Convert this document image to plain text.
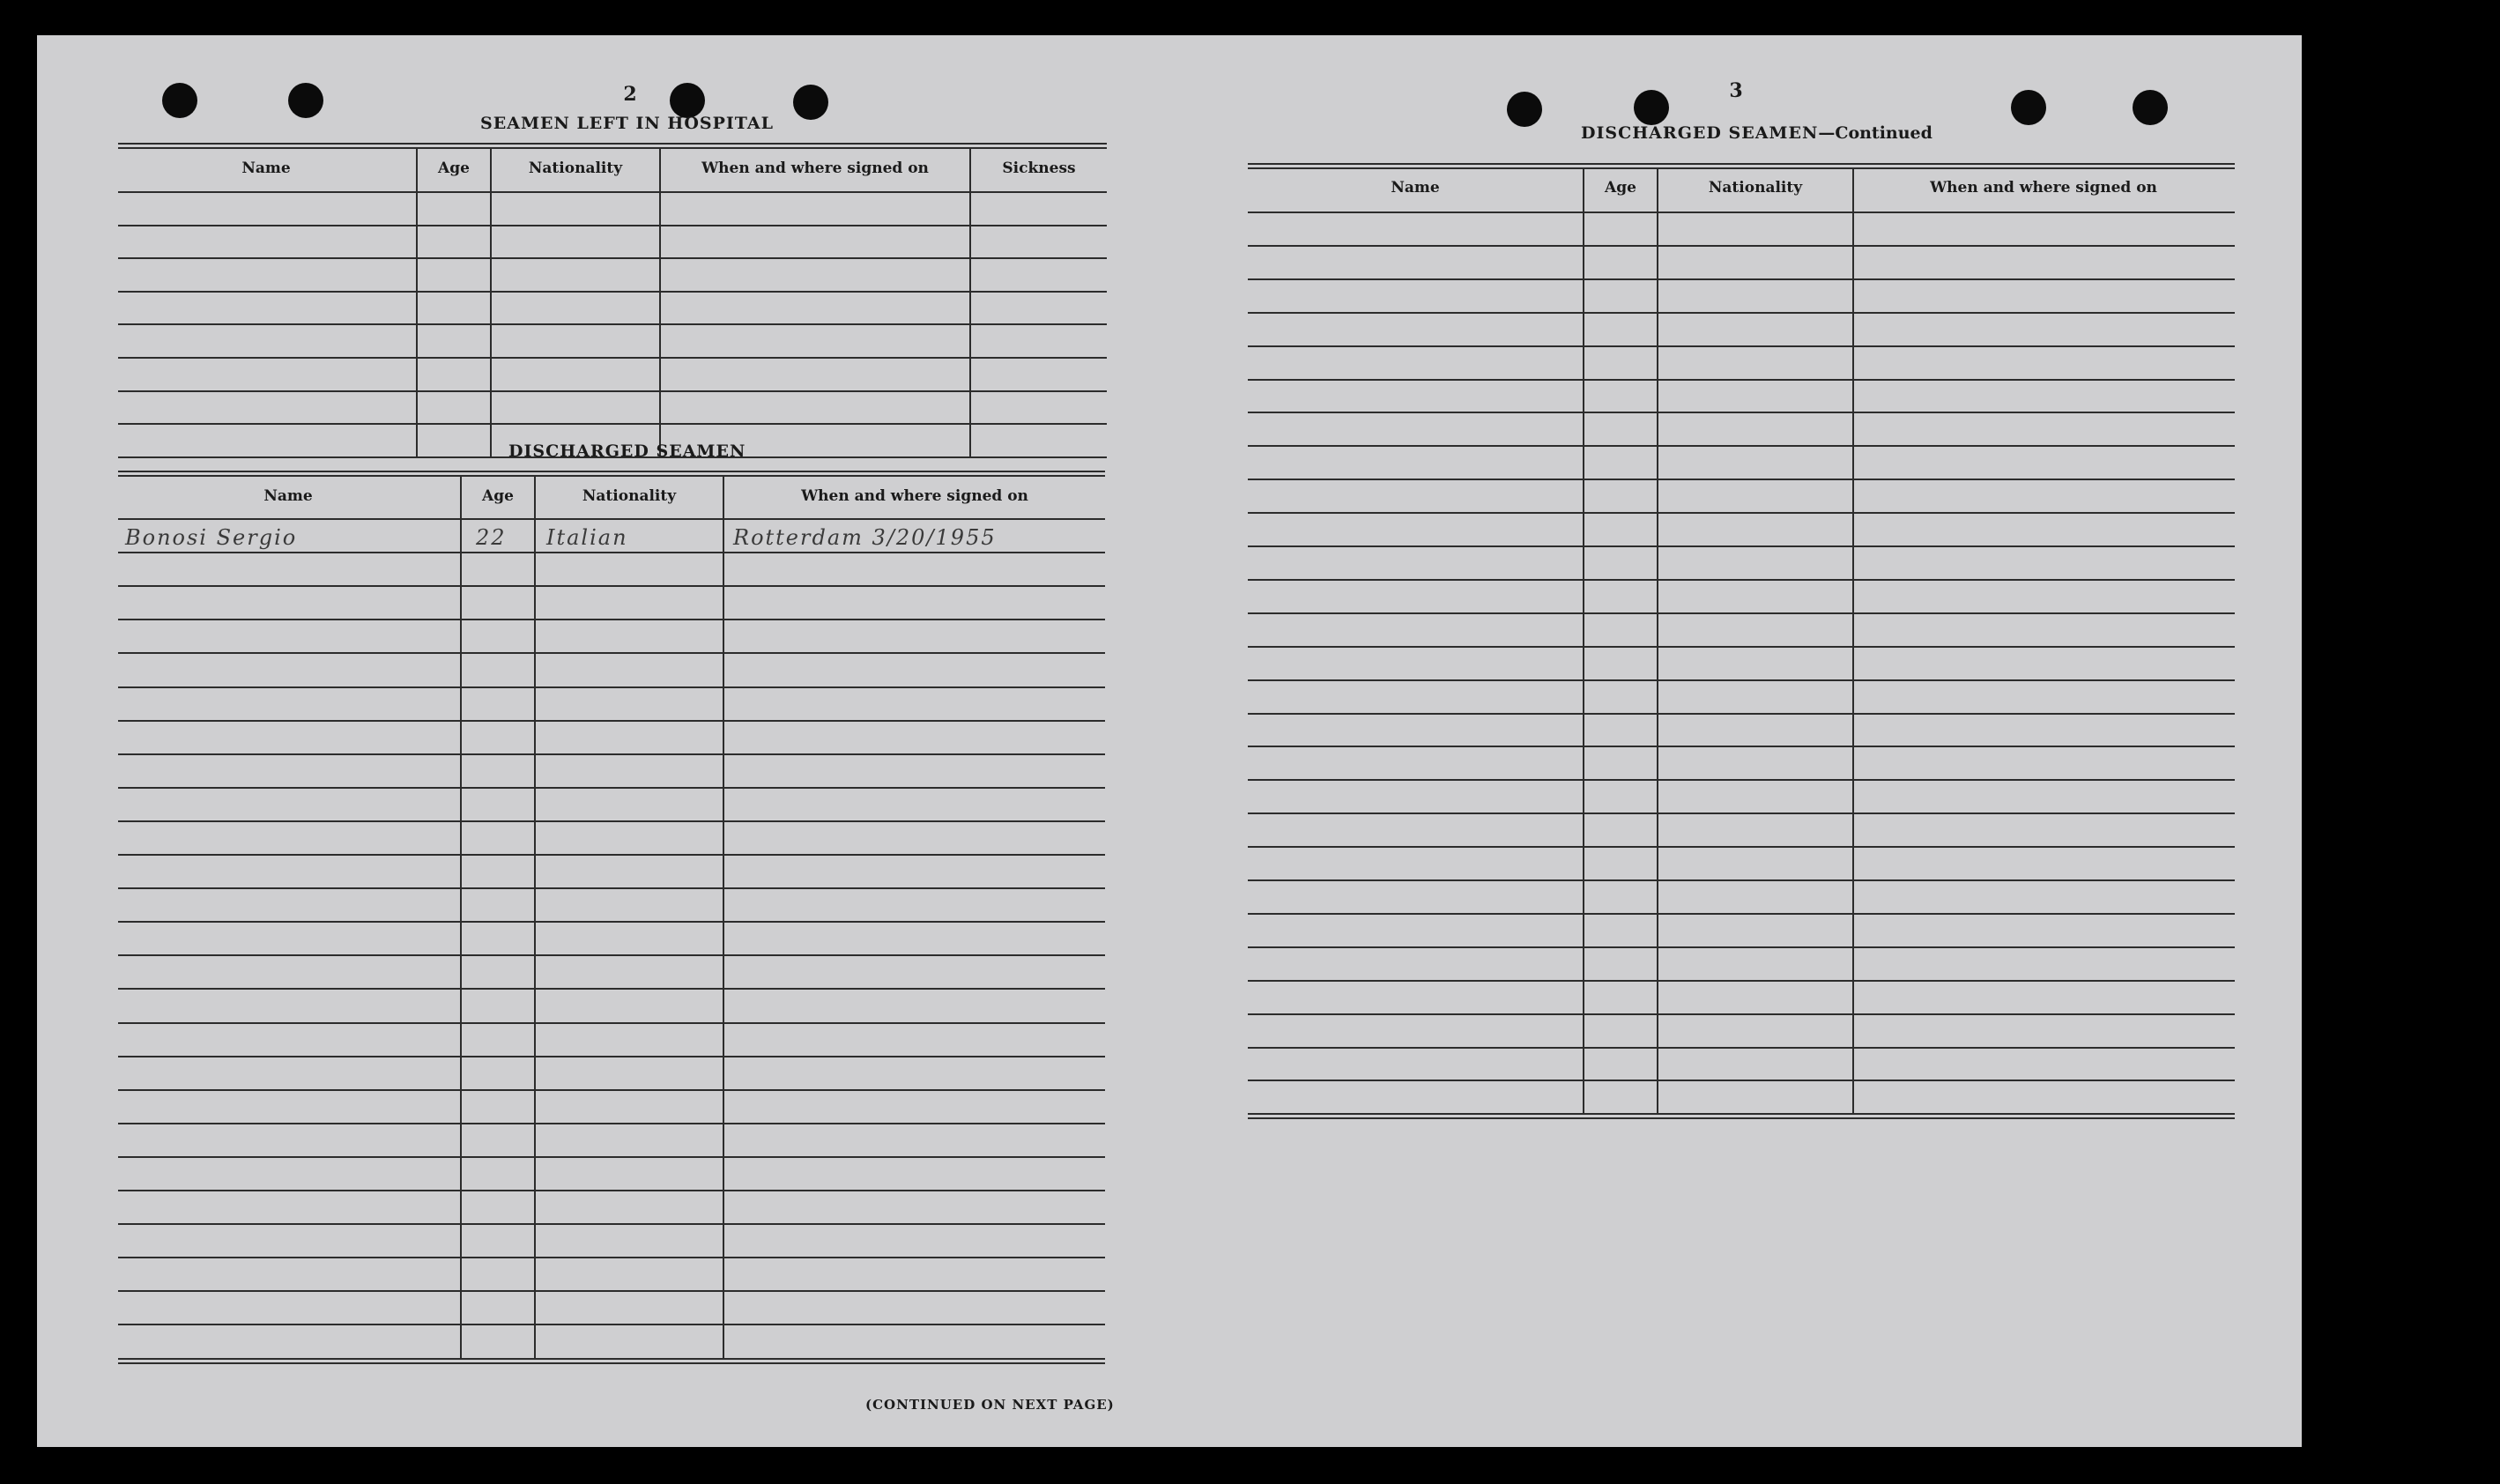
2
SEAMEN LEFT IN HOSPITAL
Name	Age	Nationality	When and where signed on	Sickness
DISCHARGED SEAMEN
Name	Age	Nationality	When and where signed on
Bonosi Sergio	22 Italian	Rotterdam 3/20/1955
(CONTINUED ON NEXT PAGE)
3
DISCHARGED SEAMEN—Continued
Name	Age	Nationality	When and where signed on
